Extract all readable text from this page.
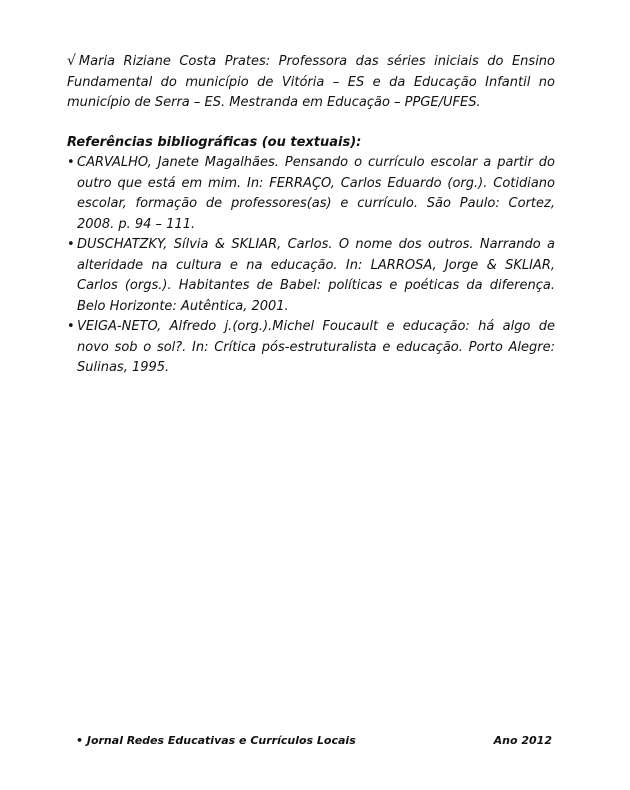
√ Maria Riziane Costa Prates: Professora das séries iniciais do Ensino Fundamental do município de Vitória – ES e da Educação Infantil no município de Serra – ES. Mestranda em Educação – PPGE/UFES.

Referências bibliográficas (ou textuais):
• CARVALHO, Janete Magalhães. Pensando o currículo escolar a partir do outro que está em mim. In: FERRAÇO, Carlos Eduardo (org.). Cotidiano escolar, formação de professores(as) e currículo. São Paulo: Cortez, 2008. p. 94 – 111.
• DUSCHATZKY, Sílvia & SKLIAR, Carlos. O nome dos outros. Narrando a alteridade na cultura e na educação. In: LARROSA, Jorge & SKLIAR, Carlos (orgs.). Habitantes de Babel: políticas e poéticas da diferença. Belo Horizonte: Autêntica, 2001.
• VEIGA-NETO, Alfredo j.(org.).Michel Foucault e educação: há algo de novo sob o sol?. In: Crítica pós-estruturalista e educação. Porto Alegre: Sulinas, 1995.
• Jornal Redes Educativas e Currículos Locais	Ano 2012
